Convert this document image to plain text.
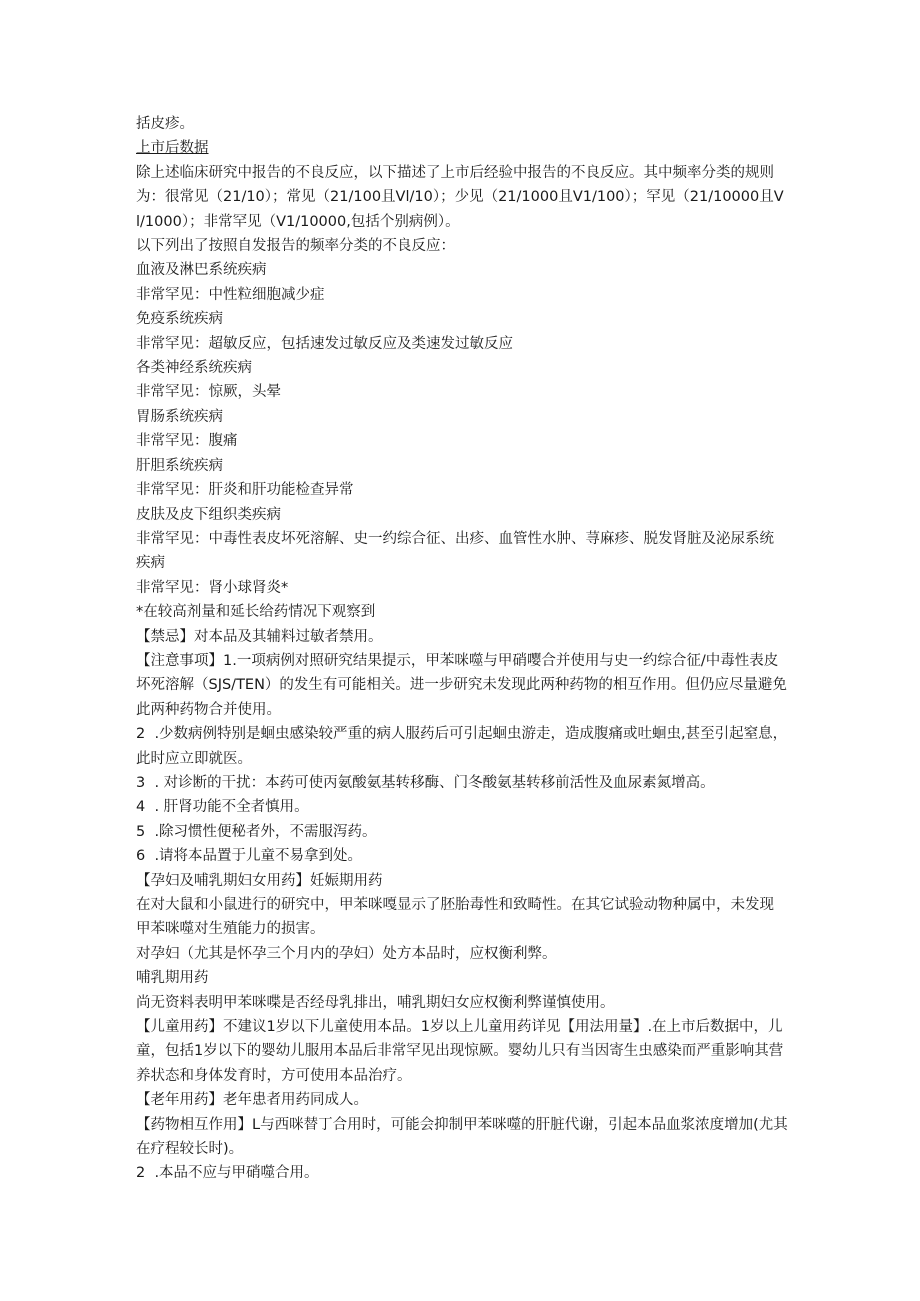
括皮疹。

上市后数据

除上述临床研究中报告的不良反应，以下描述了上市后经验中报告的不良反应。其中频率分类的规则为：很常见（21/10）；常见（21/100且Vl/10）；少见（21/1000且V1/100）；罕见（21/10000且Vl/1000）；非常罕见（V1/10000,包括个别病例）。

以下列出了按照自发报告的频率分类的不良反应：

血液及淋巴系统疾病

非常罕见：中性粒细胞减少症

免疫系统疾病

非常罕见：超敏反应，包括速发过敏反应及类速发过敏反应

各类神经系统疾病

非常罕见：惊厥，头晕

胃肠系统疾病

非常罕见：腹痛

肝胆系统疾病

非常罕见：肝炎和肝功能检查异常

皮肤及皮下组织类疾病

非常罕见：中毒性表皮坏死溶解、史一约综合征、出疹、血管性水肿、荨麻疹、脱发肾脏及泌尿系统疾病

非常罕见：肾小球肾炎*

*在较高剂量和延长给药情况下观察到

【禁忌】对本品及其辅料过敏者禁用。

【注意事项】1.一项病例对照研究结果提示，甲苯咪噬与甲硝嘤合并使用与史一约综合征/中毒性表皮坏死溶解（SJS/TEN）的发生有可能相关。进一步研究未发现此两种药物的相互作用。但仍应尽量避免此两种药物合并使用。

2  .少数病例特别是蛔虫感染较严重的病人服药后可引起蛔虫游走，造成腹痛或吐蛔虫,甚至引起窒息，此时应立即就医。

3  . 对诊断的干扰：本药可使丙氨酸氨基转移酶、门冬酸氨基转移前活性及血尿素氮增高。

4  . 肝肾功能不全者慎用。

5  .除习惯性便秘者外，不需服泻药。

6  .请将本品置于儿童不易拿到处。

【孕妇及哺乳期妇女用药】妊娠期用药

在对大鼠和小鼠进行的研究中，甲苯咪嘎显示了胚胎毒性和致畸性。在其它试验动物种属中，未发现甲苯咪噬对生殖能力的损害。

对孕妇（尤其是怀孕三个月内的孕妇）处方本品时，应权衡利弊。

哺乳期用药

尚无资料表明甲苯咪喋是否经母乳排出，哺乳期妇女应权衡利弊谨慎使用。

【儿童用药】不建议1岁以下儿童使用本品。1岁以上儿童用药详见【用法用量】.在上市后数据中，儿童，包括1岁以下的婴幼儿服用本品后非常罕见出现惊厥。婴幼儿只有当因寄生虫感染而严重影响其营养状态和身体发育时，方可使用本品治疗。

【老年用药】老年患者用药同成人。

【药物相互作用】L与西咪替丁合用时，可能会抑制甲苯咪噬的肝脏代谢，引起本品血浆浓度增加(尤其在疗程较长时)。

2  .本品不应与甲硝噬合用。
